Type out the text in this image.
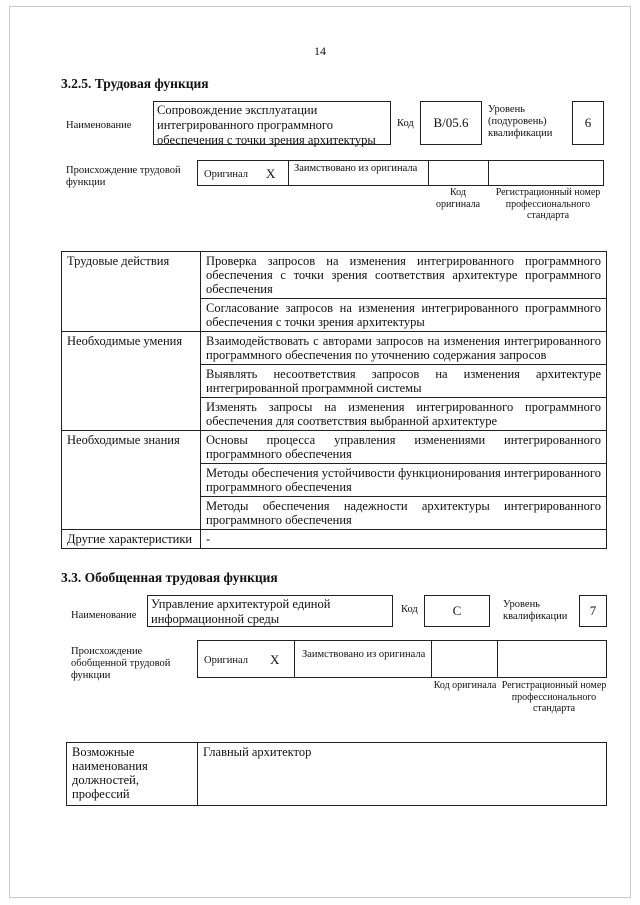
14
3.2.5. Трудовая функция
Наименование
Сопровождение эксплуатации интегрированного программного обеспечения с точки зрения архитектуры
Код	B/05.6
Уровень (подуровень) квалификации
6
Происхождение трудовой функции
Оригинал X Заимствовано из оригинала
Код оригинала
Регистрационный номер профессионального стандарта
Трудовые действия	Проверка запросов на изменения интегрированного программного обеспечения с точки зрения соответствия архитектуре программного обеспечения
	Согласование запросов на изменения интегрированного программного обеспечения с точки зрения архитектуры
Необходимые умения	Взаимодействовать с авторами запросов на изменения интегрированного программного обеспечения по уточнению содержания запросов
	Выявлять несоответствия запросов на изменения архитектуре интегрированной программной системы
	Изменять запросы на изменения интегрированного программного обеспечения для соответствия выбранной архитектуре
Необходимые знания	Основы процесса управления изменениями интегрированного программного обеспечения
	Методы обеспечения устойчивости функционирования интегрированного программного обеспечения
	Методы обеспечения надежности архитектуры интегрированного программного обеспечения
Другие характеристики	-
3.3. Обобщенная трудовая функция
Наименование
Управление архитектурой единой информационной среды
Код	C	Уровень квалификации	7
Происхождение обобщенной трудовой функции
Оригинал X Заимствовано из оригинала
Код оригинала Регистрационный номер профессионального стандарта
Возможные наименования должностей, профессий	Главный архитектор
